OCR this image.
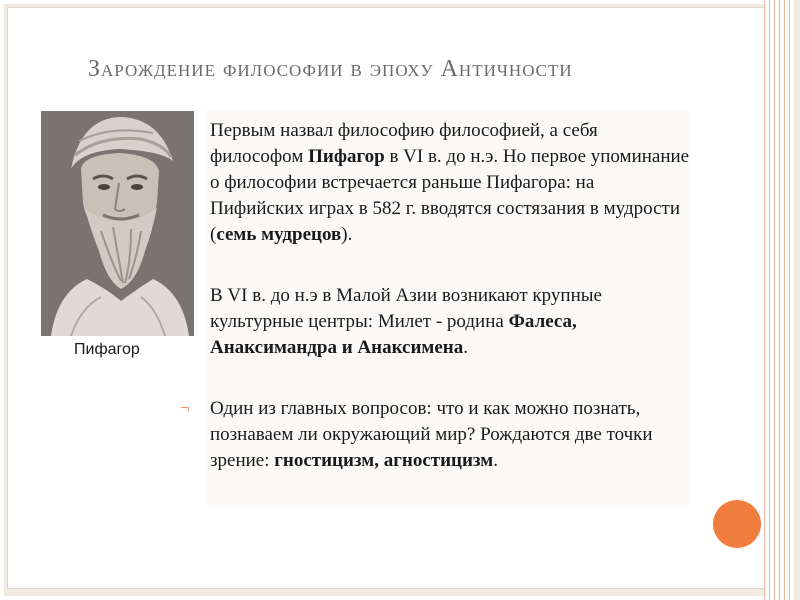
Зарождение философии в эпоху Античности
Пифагор
Первым назвал философию философией, а себя философом Пифагор в VI в. до н.э. Но первое упоминание о философии встречается раньше Пифагора: на Пифийских играх в 582 г. вводятся состязания в мудрости (семь мудрецов).
В VI в. до н.э в Малой Азии возникают крупные культурные центры: Милет - родина Фалеса, Анаксимандра и Анаксимена.
¬ Один из главных вопросов: что и как можно познать, познаваем ли окружающий мир? Рождаются две точки зрение: гностицизм, агностицизм.
